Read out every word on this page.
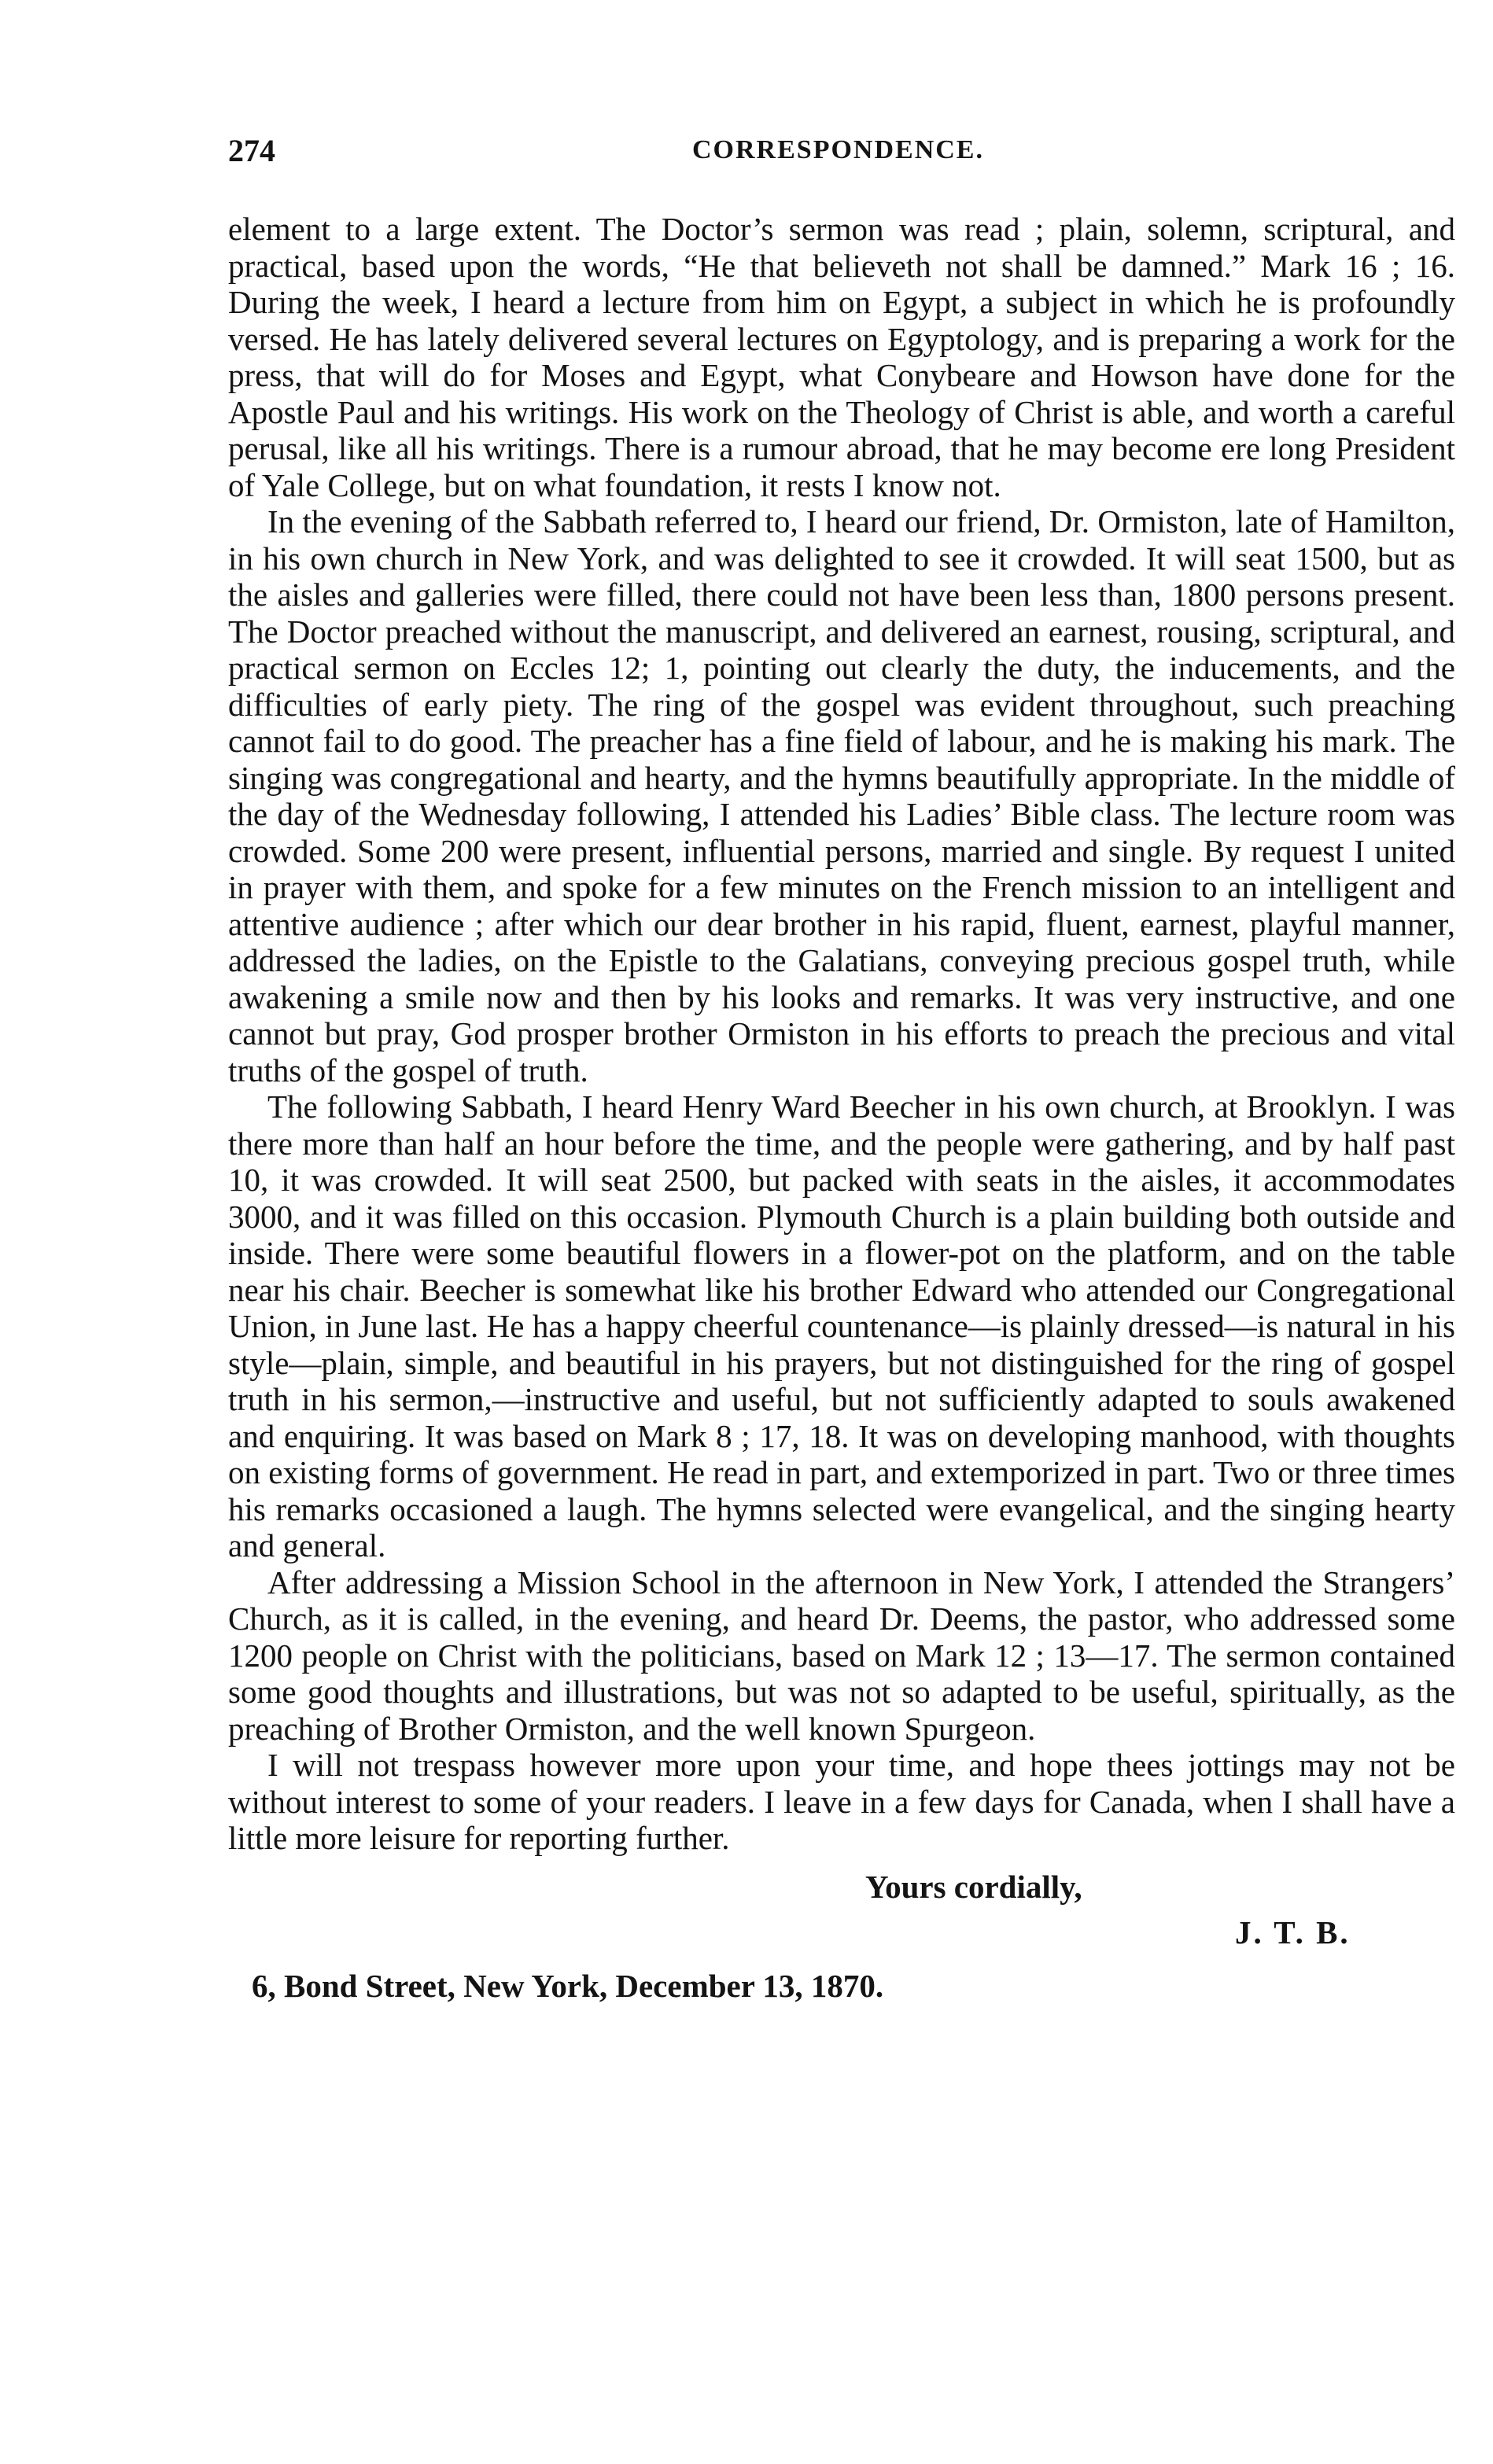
274	CORRESPONDENCE.

element to a large extent. The Doctor’s sermon was read ; plain, solemn, scriptural, and practical, based upon the words, “He that believeth not shall be damned.” Mark 16 ; 16. During the week, I heard a lecture from him on Egypt, a subject in which he is profoundly versed. He has lately delivered several lectures on Egyptology, and is preparing a work for the press, that will do for Moses and Egypt, what Conybeare and Howson have done for the Apostle Paul and his writings. His work on the Theology of Christ is able, and worth a careful perusal, like all his writings. There is a rumour abroad, that he may become ere long President of Yale College, but on what foundation, it rests I know not.

In the evening of the Sabbath referred to, I heard our friend, Dr. Ormiston, late of Hamilton, in his own church in New York, and was delighted to see it crowded. It will seat 1500, but as the aisles and galleries were filled, there could not have been less than, 1800 persons present. The Doctor preached without the manuscript, and delivered an earnest, rousing, scriptural, and practical sermon on Eccles 12; 1, pointing out clearly the duty, the inducements, and the difficulties of early piety. The ring of the gospel was evident throughout, such preaching cannot fail to do good. The preacher has a fine field of labour, and he is making his mark. The singing was congregational and hearty, and the hymns beautifully appropriate. In the middle of the day of the Wednesday following, I attended his Ladies’ Bible class. The lecture room was crowded. Some 200 were present, influential persons, married and single. By request I united in prayer with them, and spoke for a few minutes on the French mission to an intelligent and attentive audience ; after which our dear brother in his rapid, fluent, earnest, playful manner, addressed the ladies, on the Epistle to the Galatians, conveying precious gospel truth, while awakening a smile now and then by his looks and remarks. It was very instructive, and one cannot but pray, God prosper brother Ormiston in his efforts to preach the precious and vital truths of the gospel of truth.

The following Sabbath, I heard Henry Ward Beecher in his own church, at Brooklyn. I was there more than half an hour before the time, and the people were gathering, and by half past 10, it was crowded. It will seat 2500, but packed with seats in the aisles, it accommodates 3000, and it was filled on this occasion. Plymouth Church is a plain building both outside and inside. There were some beautiful flowers in a flower-pot on the platform, and on the table near his chair. Beecher is somewhat like his brother Edward who attended our Congregational Union, in June last. He has a happy cheerful countenance—is plainly dressed—is natural in his style—plain, simple, and beautiful in his prayers, but not distinguished for the ring of gospel truth in his sermon,—instructive and useful, but not sufficiently adapted to souls awakened and enquiring. It was based on Mark 8 ; 17, 18. It was on developing manhood, with thoughts on existing forms of government. He read in part, and extemporized in part. Two or three times his remarks occasioned a laugh. The hymns selected were evangelical, and the singing hearty and general.

After addressing a Mission School in the afternoon in New York, I attended the Strangers’ Church, as it is called, in the evening, and heard Dr. Deems, the pastor, who addressed some 1200 people on Christ with the politicians, based on Mark 12 ; 13—17. The sermon contained some good thoughts and illustrations, but was not so adapted to be useful, spiritually, as the preaching of Brother Ormiston, and the well known Spurgeon.

I will not trespass however more upon your time, and hope thees jottings may not be without interest to some of your readers. I leave in a few days for Canada, when I shall have a little more leisure for reporting further.

Yours cordially,
J. T. B.
6, Bond Street, New York, December 13, 1870.
